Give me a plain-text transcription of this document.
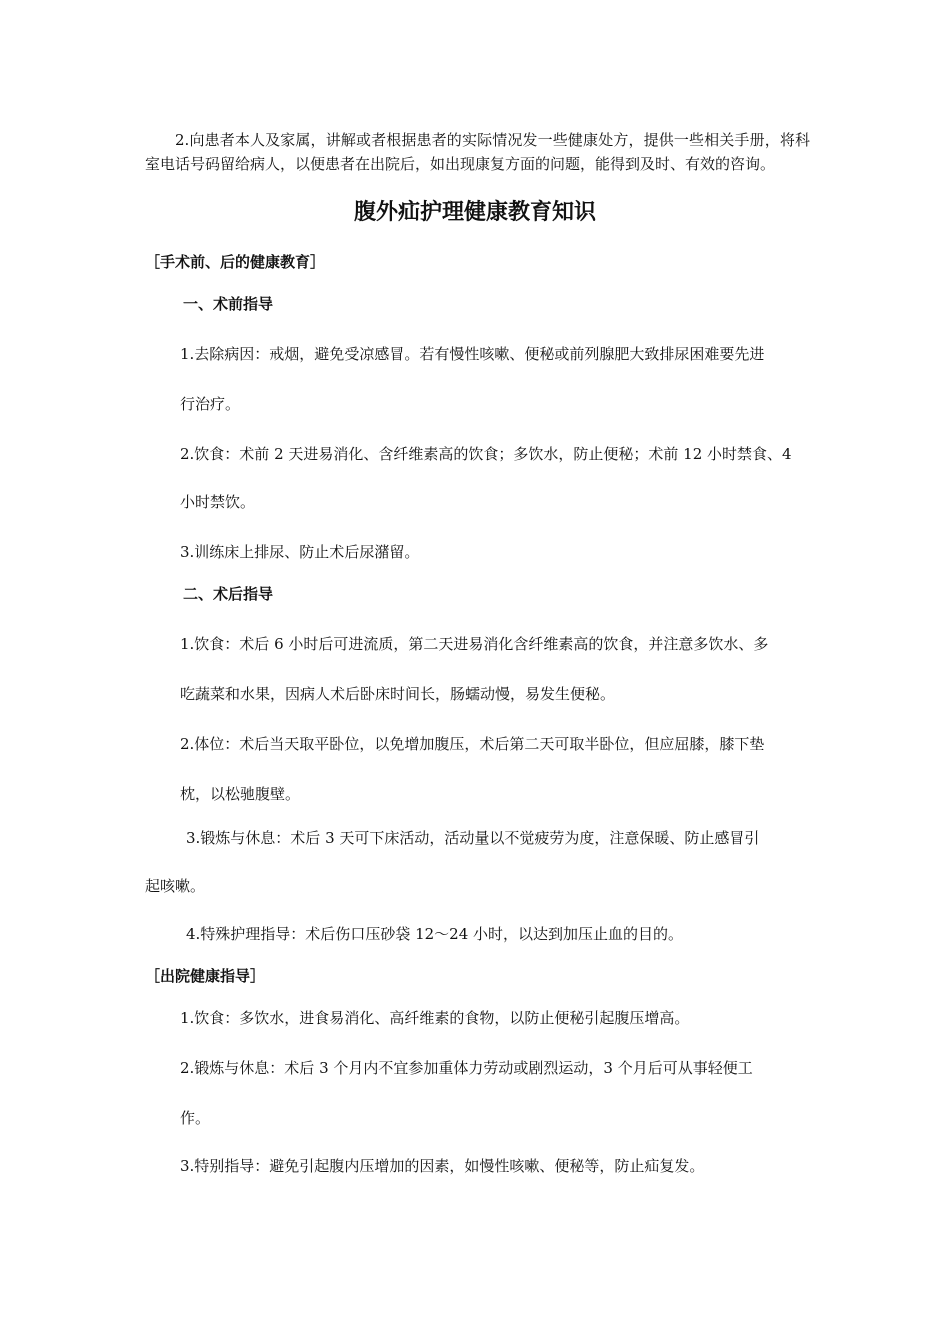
2.向患者本人及家属，讲解或者根据患者的实际情况发一些健康处方，提供一些相关手册，将科室电话号码留给病人，以便患者在出院后，如出现康复方面的问题，能得到及时、有效的咨询。
腹外疝护理健康教育知识
［手术前、后的健康教育］
一、术前指导
1.去除病因：戒烟，避免受凉感冒。若有慢性咳嗽、便秘或前列腺肥大致排尿困难要先进
行治疗。
2.饮食：术前 2 天进易消化、含纤维素高的饮食；多饮水，防止便秘；术前 12 小时禁食、4
小时禁饮。
3.训练床上排尿、防止术后尿潴留。
二、术后指导
1.饮食：术后 6 小时后可进流质，第二天进易消化含纤维素高的饮食，并注意多饮水、多
吃蔬菜和水果，因病人术后卧床时间长，肠蠕动慢，易发生便秘。
2.体位：术后当天取平卧位，以免增加腹压，术后第二天可取半卧位，但应屈膝，膝下垫
枕，以松驰腹壁。
3.锻炼与休息：术后 3 天可下床活动，活动量以不觉疲劳为度，注意保暖、防止感冒引
起咳嗽。
4.特殊护理指导：术后伤口压砂袋 12～24 小时，以达到加压止血的目的。
［出院健康指导］
1.饮食：多饮水，进食易消化、高纤维素的食物，以防止便秘引起腹压增高。
2.锻炼与休息：术后 3 个月内不宜参加重体力劳动或剧烈运动，3 个月后可从事轻便工
作。
3.特别指导：避免引起腹内压增加的因素，如慢性咳嗽、便秘等，防止疝复发。
